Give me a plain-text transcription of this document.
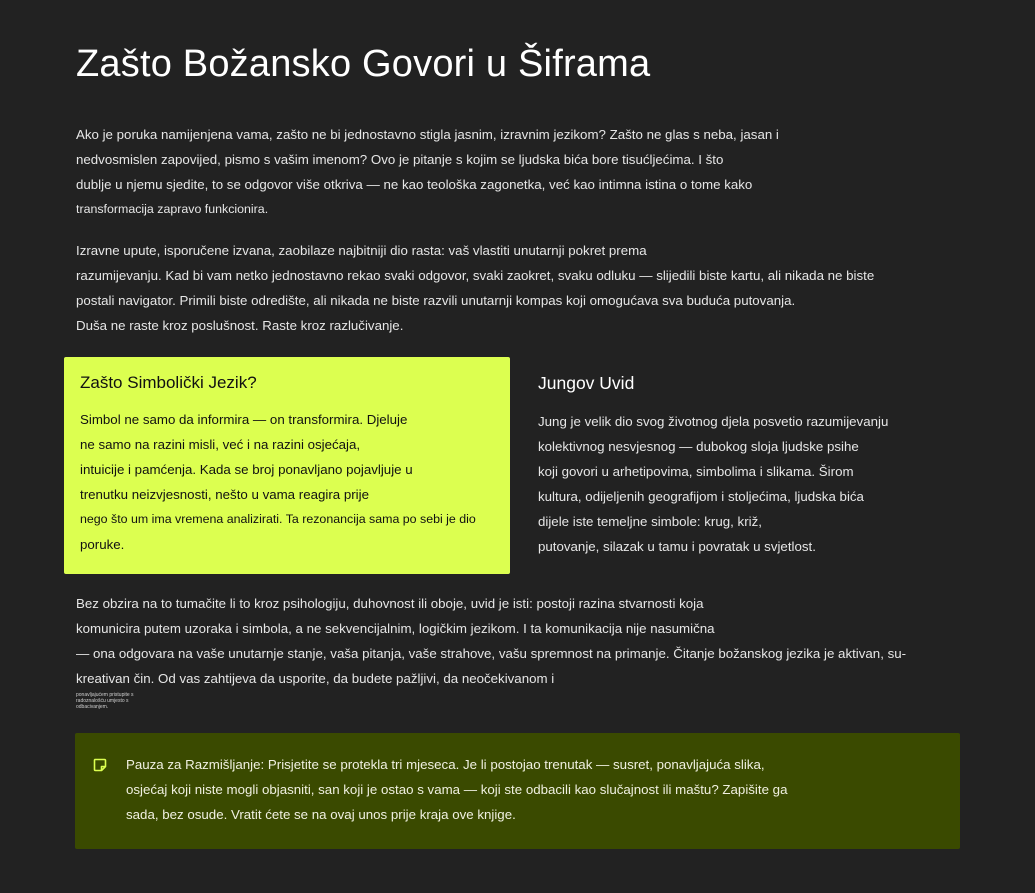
Zašto Božansko Govori u Šiframa
Ako je poruka namijenjena vama, zašto ne bi jednostavno stigla jasnim, izravnim jezikom? Zašto ne glas s neba, jasan i
nedvosmislen zapovijed, pismo s vašim imenom? Ovo je pitanje s kojim se ljudska bića bore tisućljećima. I što
dublje u njemu sjedite, to se odgovor više otkriva — ne kao teološka zagonetka, već kao intimna istina o tome kako
transformacija zapravo funkcionira.
Izravne upute, isporučene izvana, zaobilaze najbitniji dio rasta: vaš vlastiti unutarnji pokret prema
razumijevanju. Kad bi vam netko jednostavno rekao svaki odgovor, svaki zaokret, svaku odluku — slijedili biste kartu, ali nikada ne biste
postali navigator. Primili biste odredište, ali nikada ne biste razvili unutarnji kompas koji omogućava sva buduća putovanja.
Duša ne raste kroz poslušnost. Raste kroz razlučivanje.
Zašto Simbolički Jezik?
Simbol ne samo da informira — on transformira. Djeluje
ne samo na razini misli, već i na razini osjećaja,
intuicije i pamćenja. Kada se broj ponavljano pojavljuje u
trenutku neizvjesnosti, nešto u vama reagira prije
nego što um ima vremena analizirati. Ta rezonancija sama po sebi je dio
poruke.
Jungov Uvid
Jung je velik dio svog životnog djela posvetio razumijevanju
kolektivnog nesvjesnog — dubokog sloja ljudske psihe
koji govori u arhetipovima, simbolima i slikama. Širom
kultura, odijeljenih geografijom i stoljećima, ljudska bića
dijele iste temeljne simbole: krug, križ,
putovanje, silazak u tamu i povratak u svjetlost.
Bez obzira na to tumačite li to kroz psihologiju, duhovnost ili oboje, uvid je isti: postoji razina stvarnosti koja
komunicira putem uzoraka i simbola, a ne sekvencijalnim, logičkim jezikom. I ta komunikacija nije nasumična
— ona odgovara na vaše unutarnje stanje, vaša pitanja, vaše strahove, vašu spremnost na primanje. Čitanje božanskog jezika je aktivan, su-
kreativan čin. Od vas zahtijeva da usporite, da budete pažljivi, da neočekivanom i
ponavljajućem pristupite s
radoznalošću umjesto s
odbacivanjem.
Pauza za Razmišljanje: Prisjetite se protekla tri mjeseca. Je li postojao trenutak — susret, ponavljajuća slika,
osjećaj koji niste mogli objasniti, san koji je ostao s vama — koji ste odbacili kao slučajnost ili maštu? Zapišite ga
sada, bez osude. Vratit ćete se na ovaj unos prije kraja ove knjige.
